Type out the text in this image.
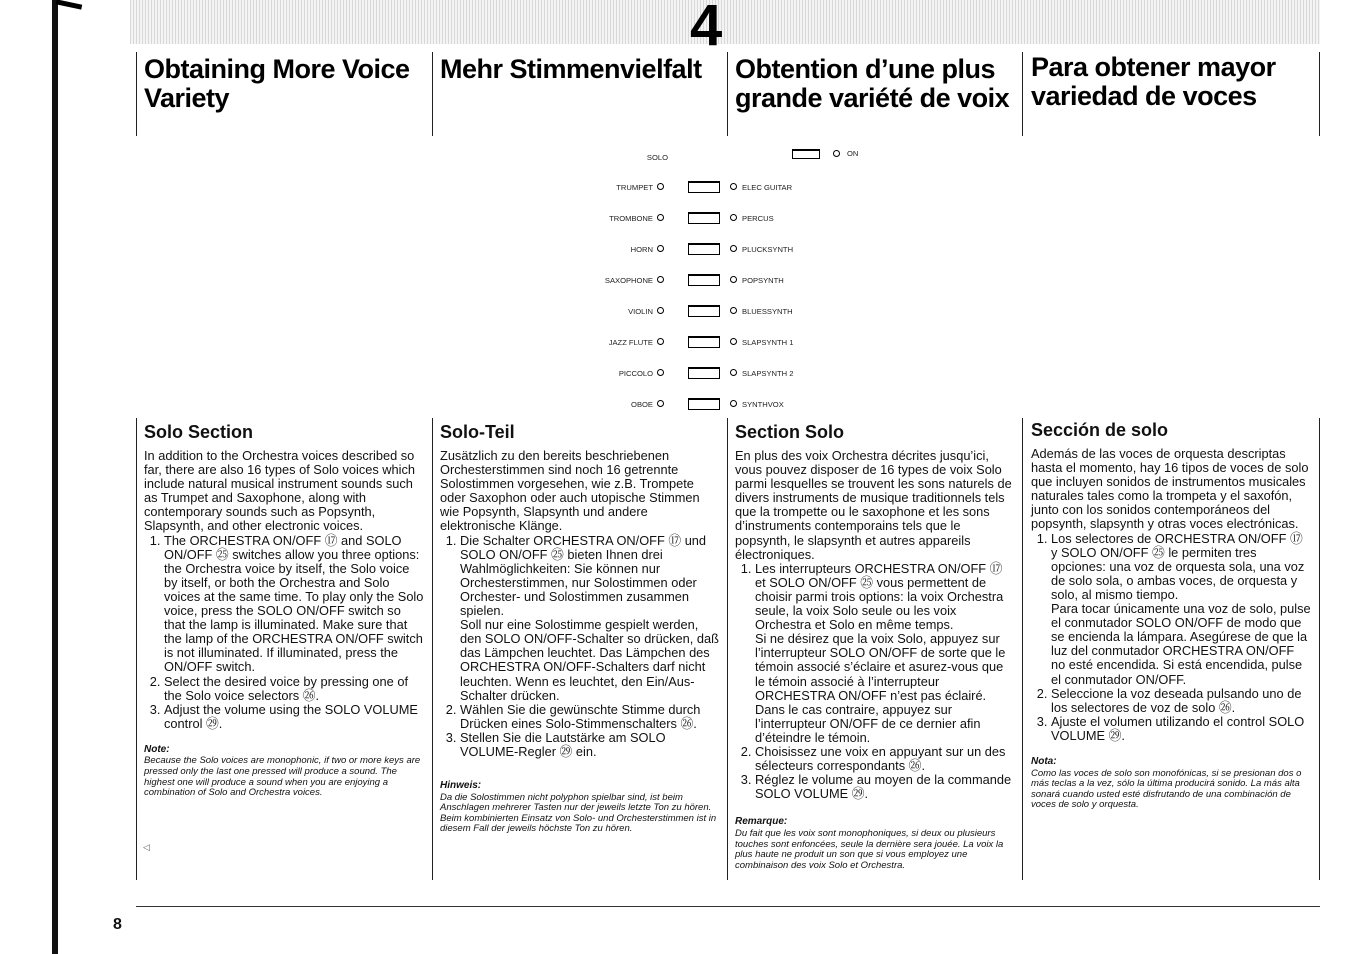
4
Obtaining More Voice Variety
Mehr Stimmenvielfalt	Obtention d’une plus grande variété de voix
Para obtener mayor variedad de voces
SOLO	ON
TRUMPET	ELEC GUITAR
TROMBONE	PERCUS
HORN	PLUCKSYNTH
SAXOPHONE	POPSYNTH
VIOLIN	BLUESSYNTH
JAZZ FLUTE	SLAPSYNTH 1
PICCOLO	SLAPSYNTH 2
OBOE	SYNTHVOX
Solo Section

In addition to the Orchestra voices described so far, there are also 16 types of Solo voices which include natural musical instrument sounds such as Trumpet and Saxophone, along with contemporary sounds such as Popsynth, Slapsynth, and other electronic voices.

1. The ORCHESTRA ON/OFF ⑰ and SOLO ON/OFF ㉕ switches allow you three options: the Orchestra voice by itself, the Solo voice by itself, or both the Orchestra and Solo voices at the same time. To play only the Solo voice, press the SOLO ON/OFF switch so that the lamp is illuminated. Make sure that the lamp of the ORCHESTRA ON/OFF switch is not illuminated. If illuminated, press the ON/OFF switch.
2. Select the desired voice by pressing one of the Solo voice selectors ㉖.
3. Adjust the volume using the SOLO VOLUME control ㉙.
Note:
Because the Solo voices are monophonic, if two or more keys are pressed only the last one pressed will produce a sound. The highest one will produce a sound when you are enjoying a combination of Solo and Orchestra voices.
Solo-Teil

Zusätzlich zu den bereits beschriebenen Orchesterstimmen sind noch 16 getrennte Solostimmen vorgesehen, wie z.B. Trompete oder Saxophon oder auch utopische Stimmen wie Popsynth, Slapsynth und andere elektronische Klänge.

1. Die Schalter ORCHESTRA ON/OFF ⑰ und SOLO ON/OFF ㉕ bieten Ihnen drei Wahlmöglichkeiten: Sie können nur Orchesterstimmen, nur Solostimmen oder Orchester- und Solostimmen zusammen spielen.
Soll nur eine Solostimme gespielt werden, den SOLO ON/OFF-Schalter so drücken, daß das Lämpchen leuchtet. Das Lämpchen des ORCHESTRA ON/OFF-Schalters darf nicht leuchten. Wenn es leuchtet, den Ein/Aus-Schalter drücken.
2. Wählen Sie die gewünschte Stimme durch Drücken eines Solo-Stimmenschalters ㉖.
3. Stellen Sie die Lautstärke am SOLO VOLUME-Regler ㉙ ein.
Hinweis:
Da die Solostimmen nicht polyphon spielbar sind, ist beim Anschlagen mehrerer Tasten nur der jeweils letzte Ton zu hören. Beim kombinierten Einsatz von Solo- und Orchesterstimmen ist in diesem Fall der jeweils höchste Ton zu hören.
Section Solo

En plus des voix Orchestra décrites jusqu’ici, vous pouvez disposer de 16 types de voix Solo parmi lesquelles se trouvent les sons naturels de divers instruments de musique traditionnels tels que la trompette ou le saxophone et les sons d’instruments contemporains tels que le popsynth, le slapsynth et autres appareils électroniques.

1. Les interrupteurs ORCHESTRA ON/OFF ⑰ et SOLO ON/OFF ㉕ vous permettent de choisir parmi trois options: la voix Orchestra seule, la voix Solo seule ou les voix Orchestra et Solo en même temps.
Si ne désirez que la voix Solo, appuyez sur l’interrupteur SOLO ON/OFF de sorte que le témoin associé s’éclaire et asurez-vous que le témoin associé à l’interrupteur ORCHESTRA ON/OFF n’est pas éclairé. Dans le cas contraire, appuyez sur l’interrupteur ON/OFF de ce dernier afin d’éteindre le témoin.
2. Choisissez une voix en appuyant sur un des sélecteurs correspondants ㉖.
3. Réglez le volume au moyen de la commande SOLO VOLUME ㉙.
Remarque:
Du fait que les voix sont monophoniques, si deux ou plusieurs touches sont enfoncées, seule la dernière sera jouée. La voix la plus haute ne produit un son que si vous employez une combinaison des voix Solo et Orchestra.
Sección de solo

Además de las voces de orquesta descriptas hasta el momento, hay 16 tipos de voces de solo que incluyen sonidos de instrumentos musicales naturales tales como la trompeta y el saxofón, junto con los sonidos contemporáneos del popsynth, slapsynth y otras voces electrónicas.

1. Los selectores de ORCHESTRA ON/OFF ⑰ y SOLO ON/OFF ㉕ le permiten tres opciones: una voz de orquesta sola, una voz de solo sola, o ambas voces, de orquesta y solo, al mismo tiempo.
Para tocar únicamente una voz de solo, pulse el conmutador SOLO ON/OFF de modo que se encienda la lámpara. Asegúrese de que la luz del conmutador ORCHESTRA ON/OFF no esté encendida. Si está encendida, pulse el conmutador ON/OFF.
2. Seleccione la voz deseada pulsando uno de los selectores de voz de solo ㉖.
3. Ajuste el volumen utilizando el control SOLO VOLUME ㉙.
Nota:
Como las voces de solo son monofónicas, si se presionan dos o más teclas a la vez, sólo la última producirá sonido. La más alta sonará cuando usted esté disfrutando de una combinación de voces de solo y orquesta.
◁
8
